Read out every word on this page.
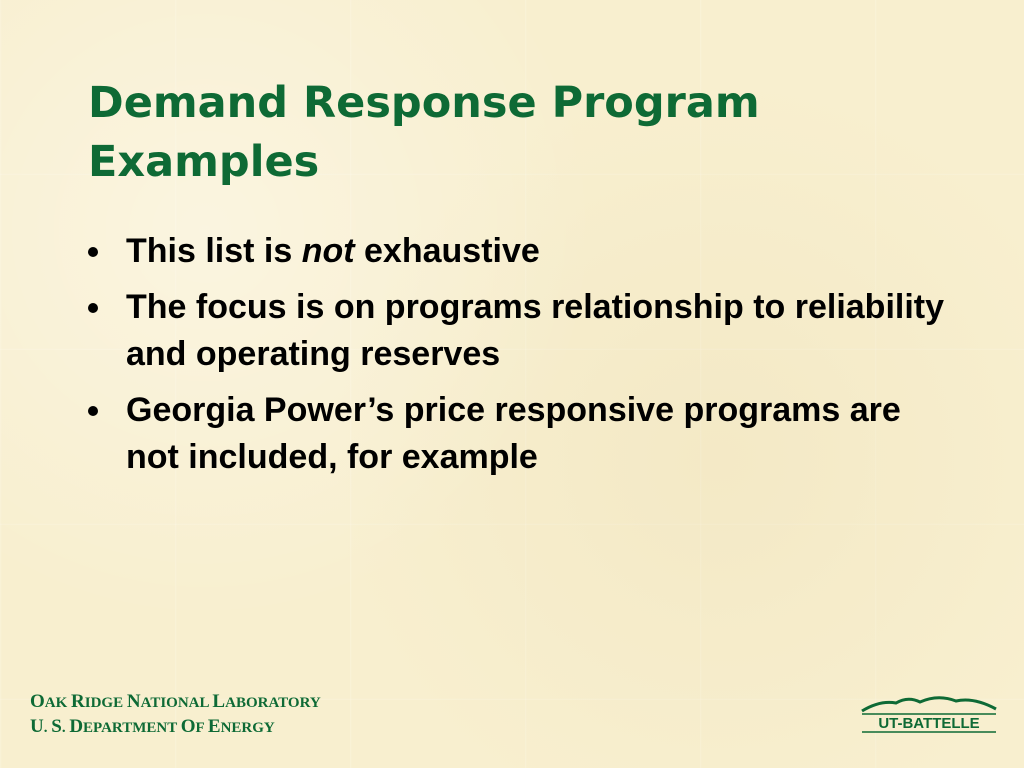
Demand Response Program
Examples
This list is not exhaustive
The focus is on programs relationship to reliability and operating reserves
Georgia Power’s price responsive programs are not included, for example
OAK RIDGE NATIONAL LABORATORY
U. S. DEPARTMENT OF ENERGY	UT-BATTELLE
